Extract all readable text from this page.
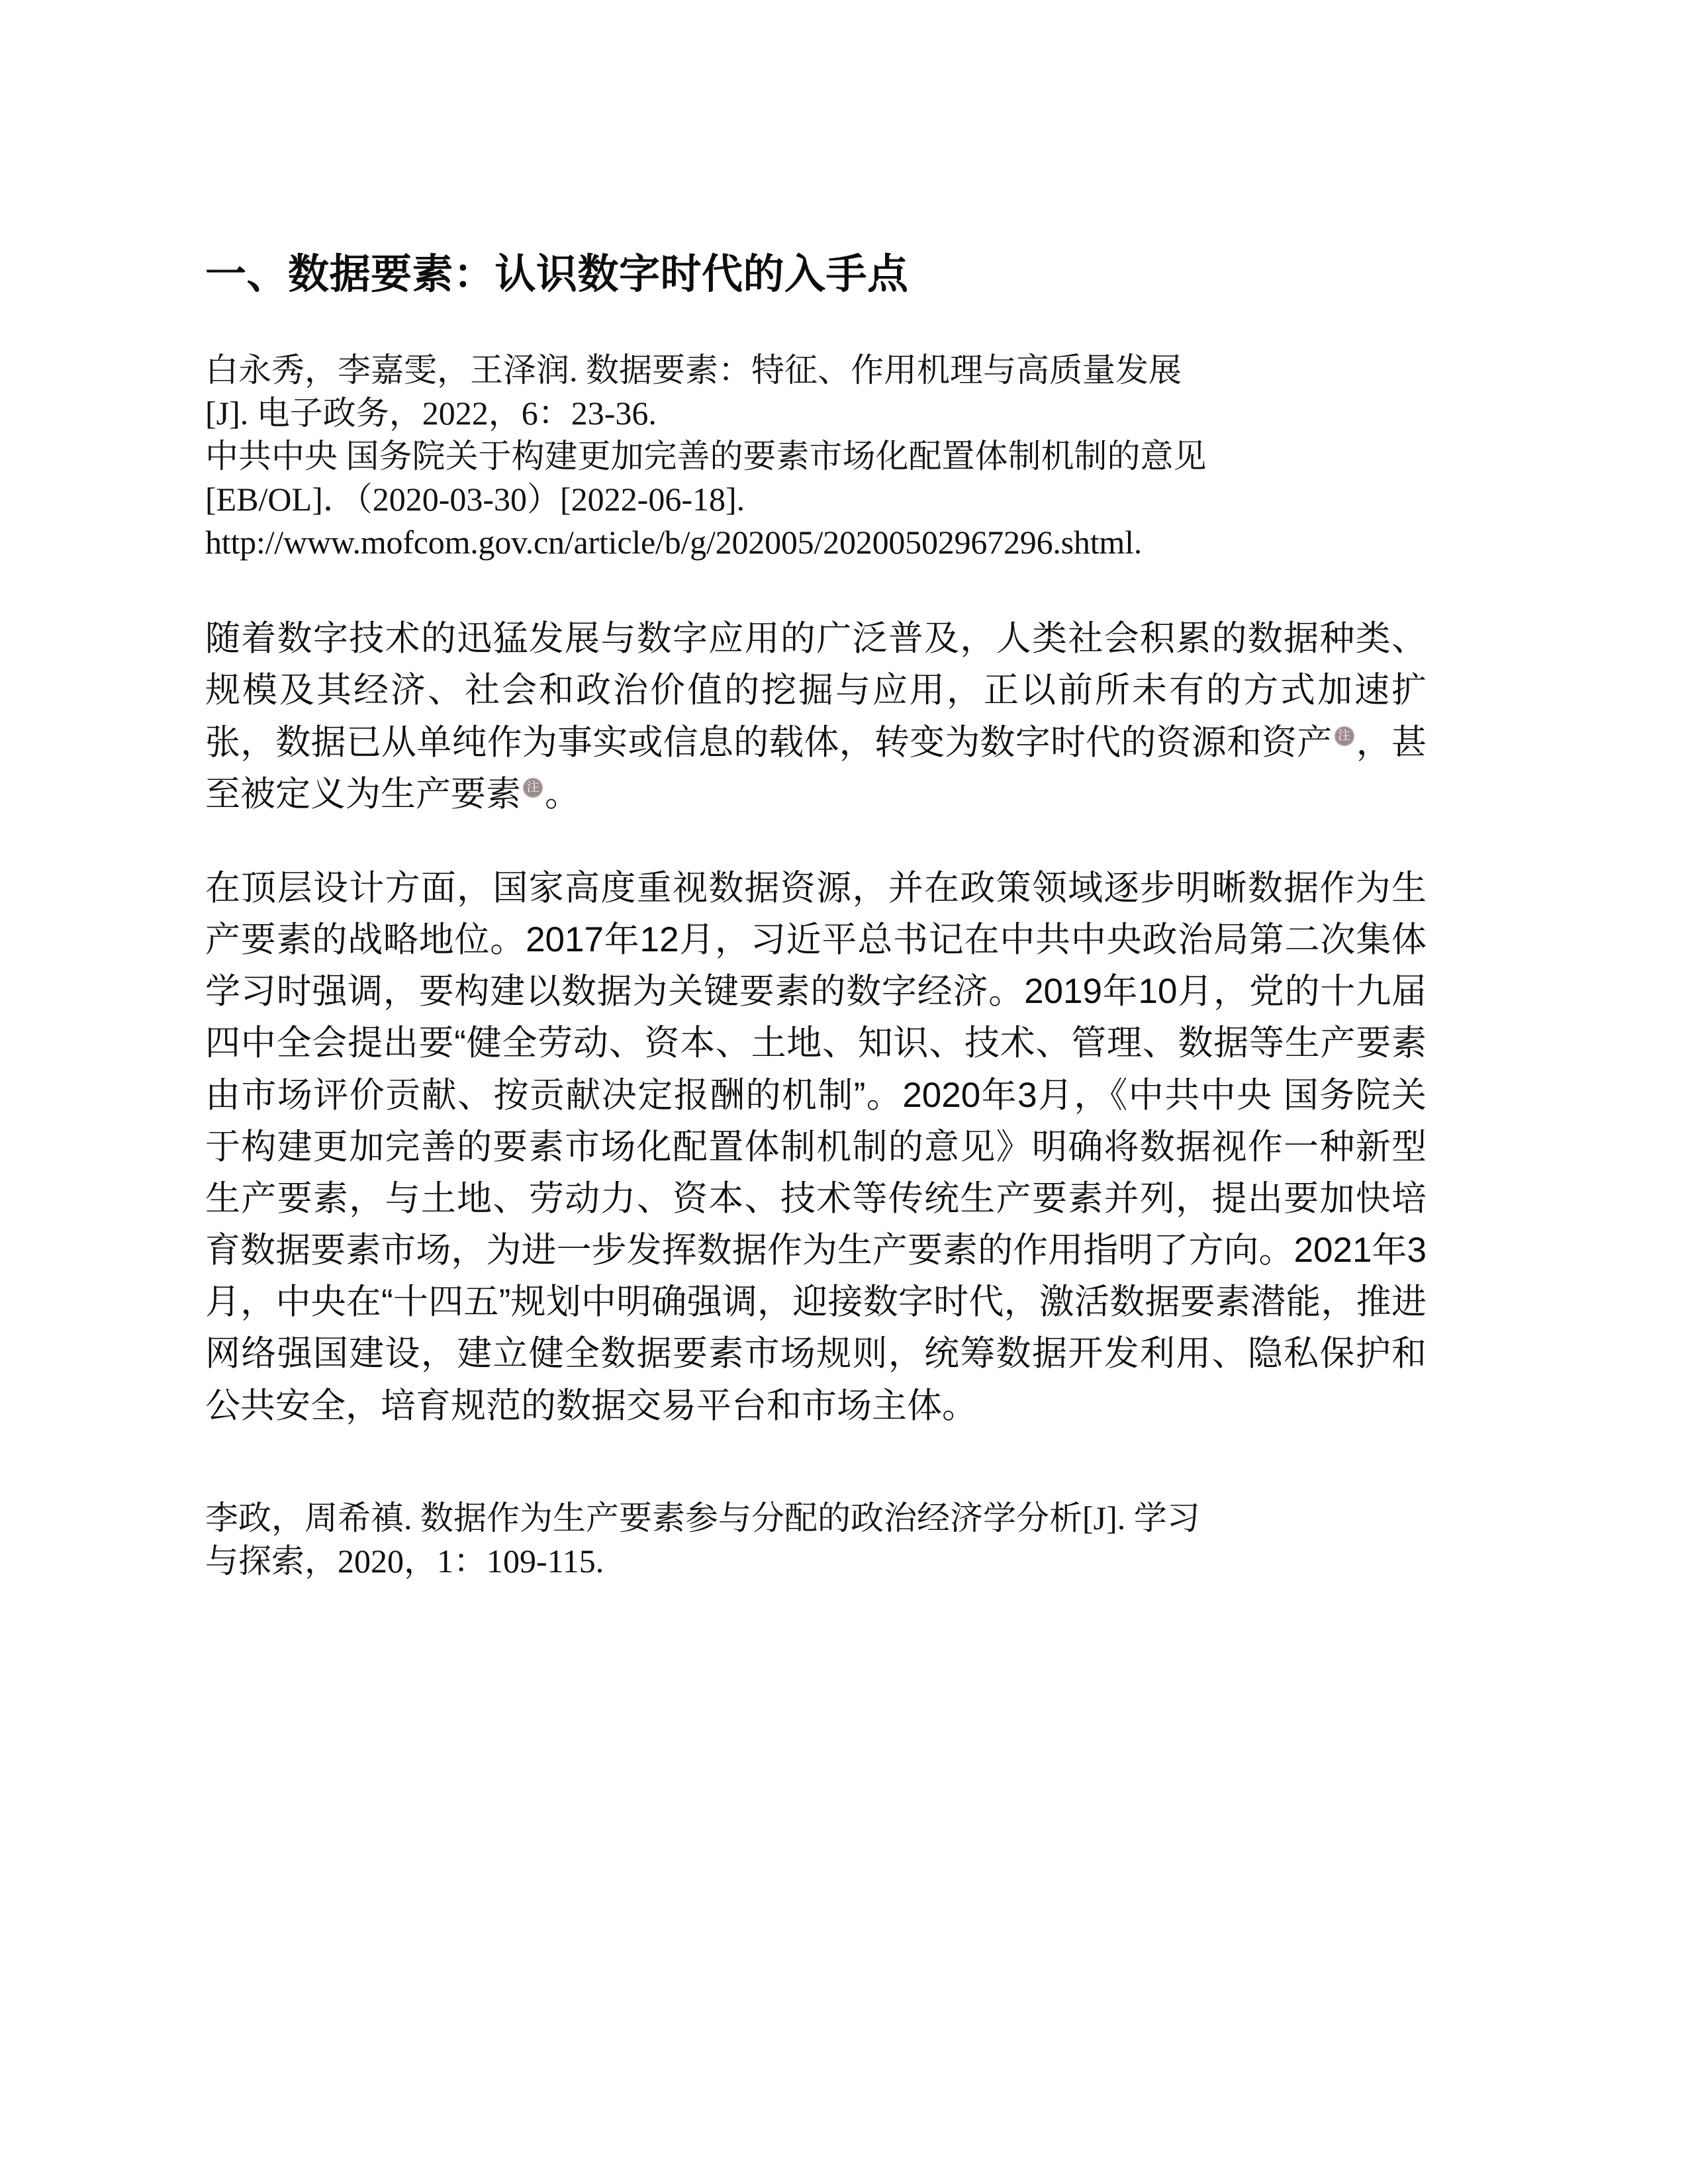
一、数据要素：认识数字时代的入手点
白永秀，李嘉雯，王泽润. 数据要素：特征、作用机理与高质量发展
[J]. 电子政务，2022，6：23-36.
中共中央 国务院关于构建更加完善的要素市场化配置体制机制的意见
[EB/OL]．（2020-03-30）[2022-06-18].
http://www.mofcom.gov.cn/article/b/g/202005/20200502967296.shtml.

随着数字技术的迅猛发展与数字应用的广泛普及，人类社会积累的数据种类、规模及其经济、社会和政治价值的挖掘与应用，正以前所未有的方式加速扩张，数据已从单纯作为事实或信息的载体，转变为数字时代的资源和资产 注 ，甚至被定义为生产要素 注 。

在顶层设计方面，国家高度重视数据资源，并在政策领域逐步明晰数据作为生产要素的战略地位。2017年12月，习近平总书记在中共中央政治局第二次集体学习时强调，要构建以数据为关键要素的数字经济。2019年10月，党的十九届四中全会提出要“健全劳动、资本、土地、知识、技术、管理、数据等生产要素由市场评价贡献、按贡献决定报酬的机制”。2020年3月，《中共中央 国务院关于构建更加完善的要素市场化配置体制机制的意见》明确将数据视作一种新型生产要素，与土地、劳动力、资本、技术等传统生产要素并列，提出要加快培育数据要素市场，为进一步发挥数据作为生产要素的作用指明了方向。2021年3月，中央在“十四五”规划中明确强调，迎接数字时代，激活数据要素潜能，推进网络强国建设，建立健全数据要素市场规则，统筹数据开发利用、隐私保护和公共安全，培育规范的数据交易平台和市场主体。

李政，周希禛. 数据作为生产要素参与分配的政治经济学分析[J]. 学习
与探索，2020，1：109-115.
